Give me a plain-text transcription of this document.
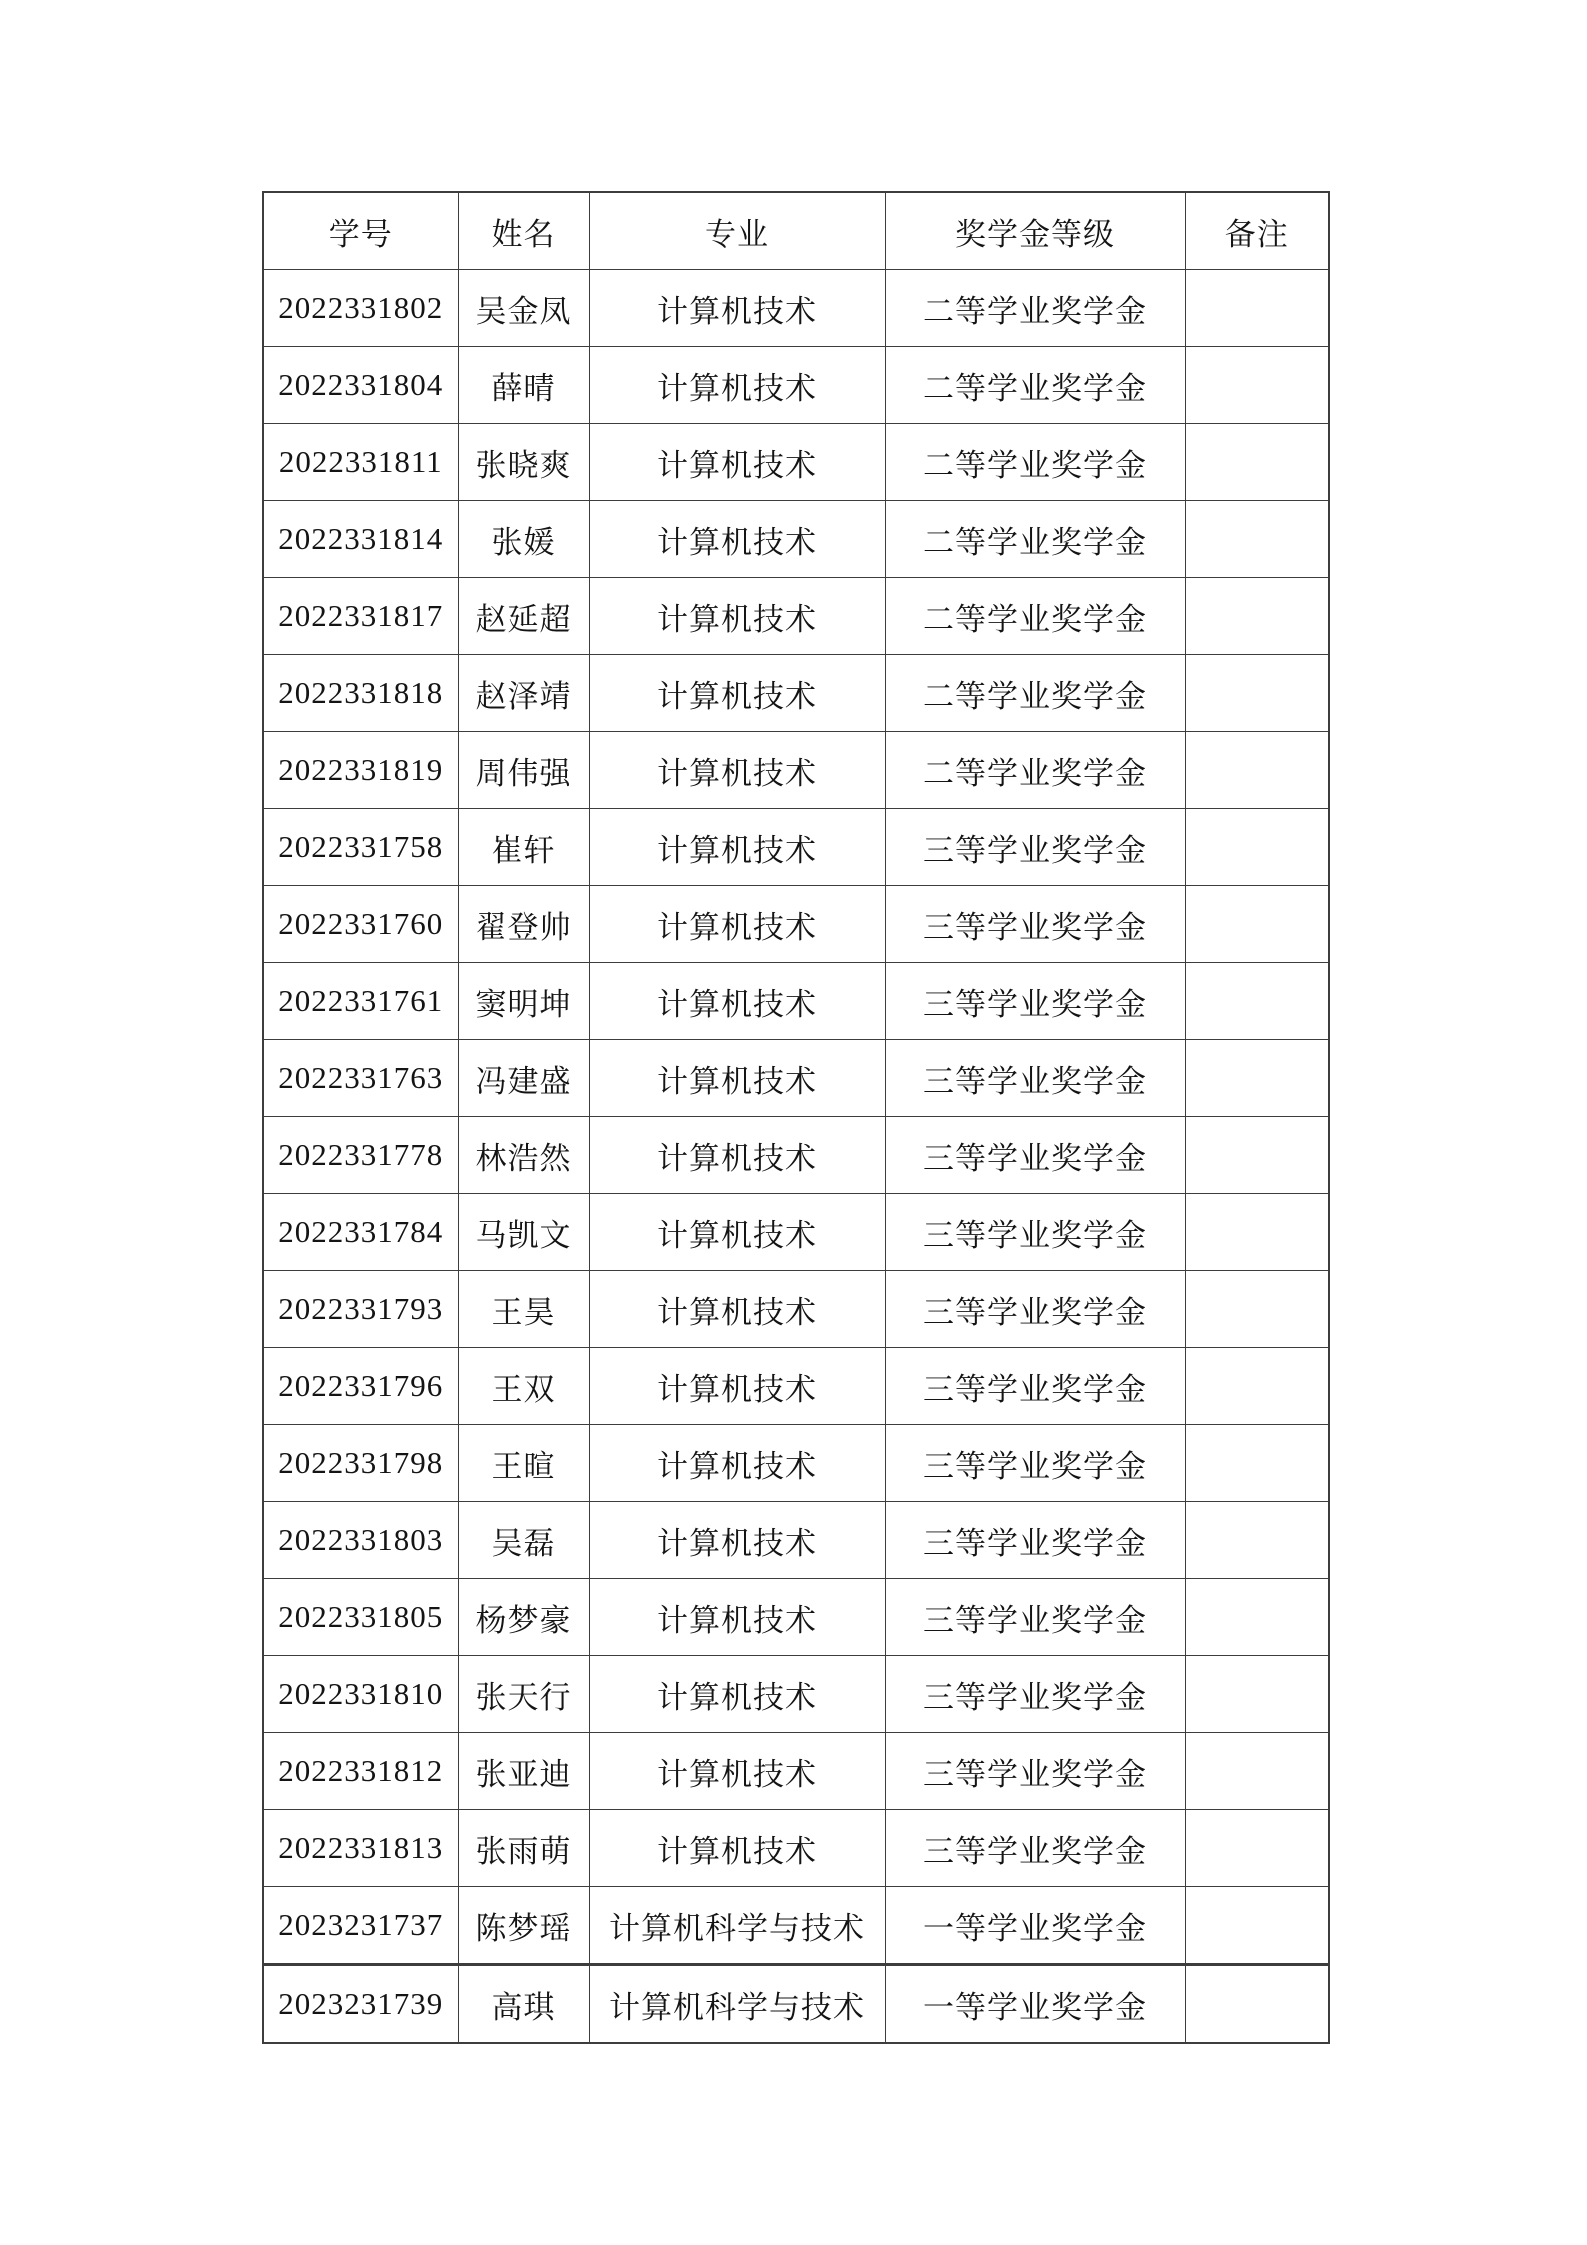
学号	姓名	专业	奖学金等级	备注
2022331802	吴金凤	计算机技术	二等学业奖学金	
2022331804	薛晴	计算机技术	二等学业奖学金	
2022331811	张晓爽	计算机技术	二等学业奖学金	
2022331814	张媛	计算机技术	二等学业奖学金	
2022331817	赵延超	计算机技术	二等学业奖学金	
2022331818	赵泽靖	计算机技术	二等学业奖学金	
2022331819	周伟强	计算机技术	二等学业奖学金	
2022331758	崔轩	计算机技术	三等学业奖学金	
2022331760	翟登帅	计算机技术	三等学业奖学金	
2022331761	窦明坤	计算机技术	三等学业奖学金	
2022331763	冯建盛	计算机技术	三等学业奖学金	
2022331778	林浩然	计算机技术	三等学业奖学金	
2022331784	马凯文	计算机技术	三等学业奖学金	
2022331793	王昊	计算机技术	三等学业奖学金	
2022331796	王双	计算机技术	三等学业奖学金	
2022331798	王暄	计算机技术	三等学业奖学金	
2022331803	吴磊	计算机技术	三等学业奖学金	
2022331805	杨梦豪	计算机技术	三等学业奖学金	
2022331810	张天行	计算机技术	三等学业奖学金	
2022331812	张亚迪	计算机技术	三等学业奖学金	
2022331813	张雨萌	计算机技术	三等学业奖学金	
2023231737	陈梦瑶	计算机科学与技术	一等学业奖学金	
2023231739	高琪	计算机科学与技术	一等学业奖学金	
